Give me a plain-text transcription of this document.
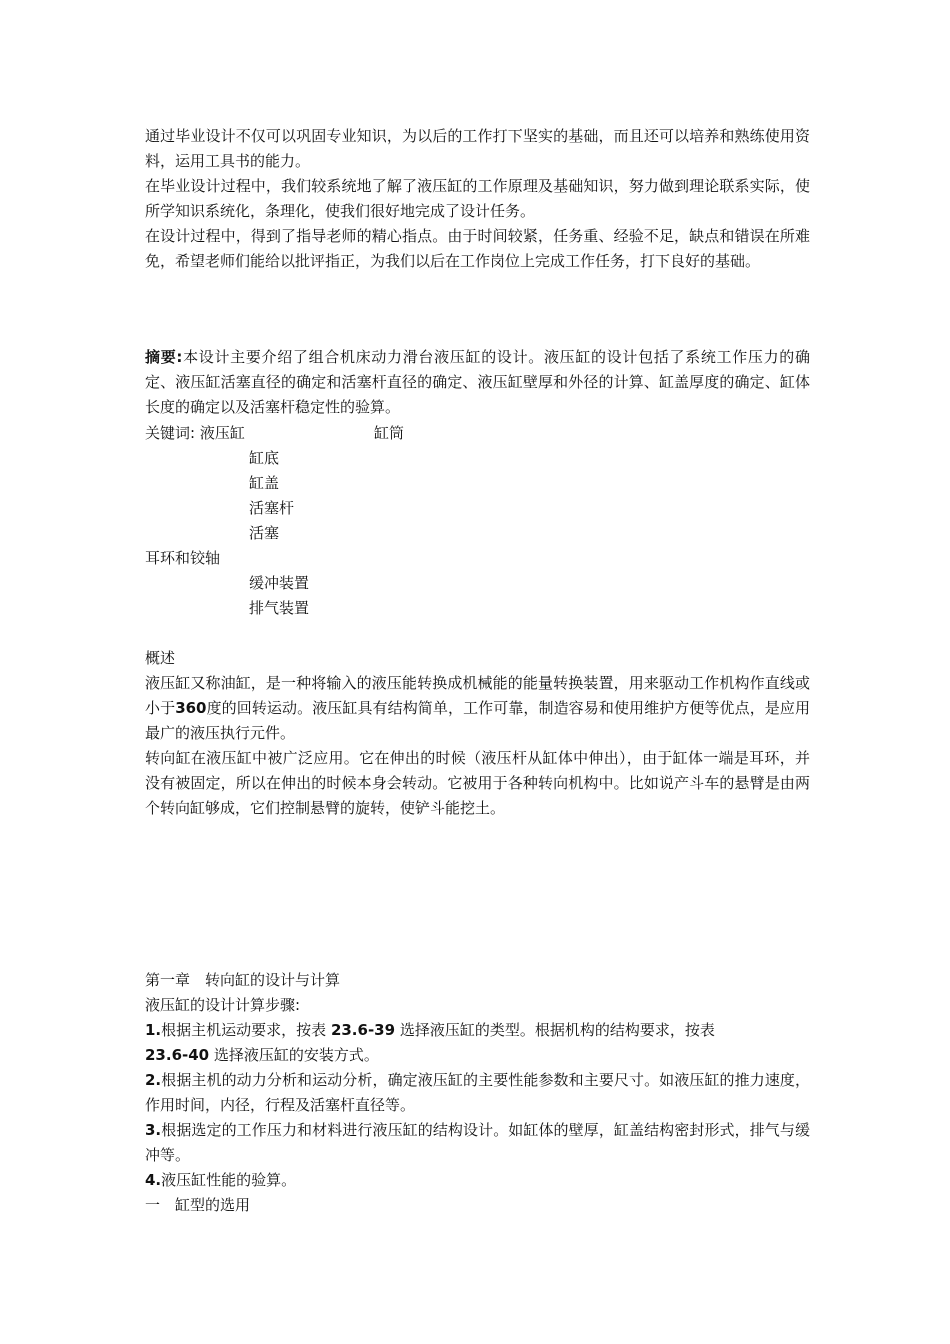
通过毕业设计不仅可以巩固专业知识，为以后的工作打下坚实的基础，而且还可以培养和熟练使用资料，运用工具书的能力。

在毕业设计过程中，我们较系统地了解了液压缸的工作原理及基础知识，努力做到理论联系实际，使所学知识系统化，条理化，使我们很好地完成了设计任务。

在设计过程中，得到了指导老师的精心指点。由于时间较紧，任务重、经验不足，缺点和错误在所难免，希望老师们能给以批评指正，为我们以后在工作岗位上完成工作任务，打下良好的基础。

摘要:本设计主要介绍了组合机床动力滑台液压缸的设计。液压缸的设计包括了系统工作压力的确定、液压缸活塞直径的确定和活塞杆直径的确定、液压缸壁厚和外径的计算、缸盖厚度的确定、缸体长度的确定以及活塞杆稳定性的验算。

关键词: 液压缸	缸筒
缸底
缸盖
活塞杆
活塞
耳环和铰轴
缓冲装置
排气装置

概述

液压缸又称油缸，是一种将输入的液压能转换成机械能的能量转换装置，用来驱动工作机构作直线或小于360度的回转运动。液压缸具有结构简单，工作可靠，制造容易和使用维护方便等优点，是应用最广的液压执行元件。

转向缸在液压缸中被广泛应用。它在伸出的时候（液压杆从缸体中伸出），由于缸体一端是耳环，并没有被固定，所以在伸出的时候本身会转动。它被用于各种转向机构中。比如说产斗车的悬臂是由两个转向缸够成，它们控制悬臂的旋转，使铲斗能挖土。

第一章　转向缸的设计与计算

液压缸的设计计算步骤:

1.根据主机运动要求，按表 23.6-39 选择液压缸的类型。根据机构的结构要求，按表
23.6-40 选择液压缸的安装方式。

2.根据主机的动力分析和运动分析，确定液压缸的主要性能参数和主要尺寸。如液压缸的推力速度，作用时间，内径，行程及活塞杆直径等。

3.根据选定的工作压力和材料进行液压缸的结构设计。如缸体的壁厚，缸盖结构密封形式，排气与缓冲等。

4.液压缸性能的验算。

一　缸型的选用
